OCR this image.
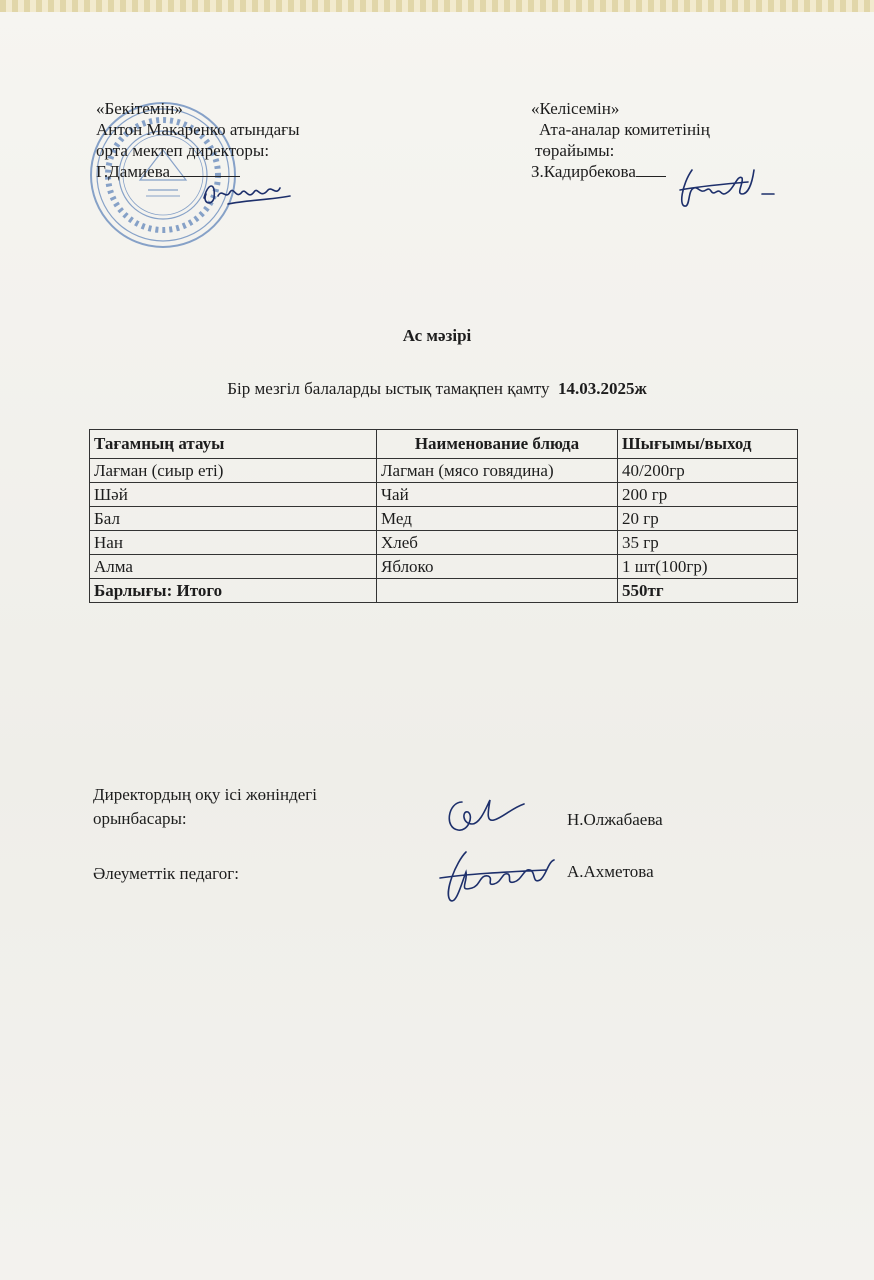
«Бекітемін»
Антон Макаренко атындағы
орта мектеп директоры:
Г.Дамиева
«Келісемін»
Ата-аналар комитетінің
төрайымы:
З.Кадирбекова
Ас мәзірі
Бір мезгіл балаларды ыстық тамақпен қамту 14.03.2025ж
Тағамның атауы	Наименование блюда	Шығымы/выход
Лағман (сиыр еті)	Лагман (мясо говядина)	40/200гр
Шәй	Чай	200 гр
Бал	Мед	20 гр
Нан	Хлеб	35 гр
Алма	Яблоко	1 шт(100гр)
Барлығы: Итого		550тг
Директордың оқу ісі жөніндегі
орынбасары:	Н.Олжабаева
Әлеуметтік педагог:	А.Ахметова
